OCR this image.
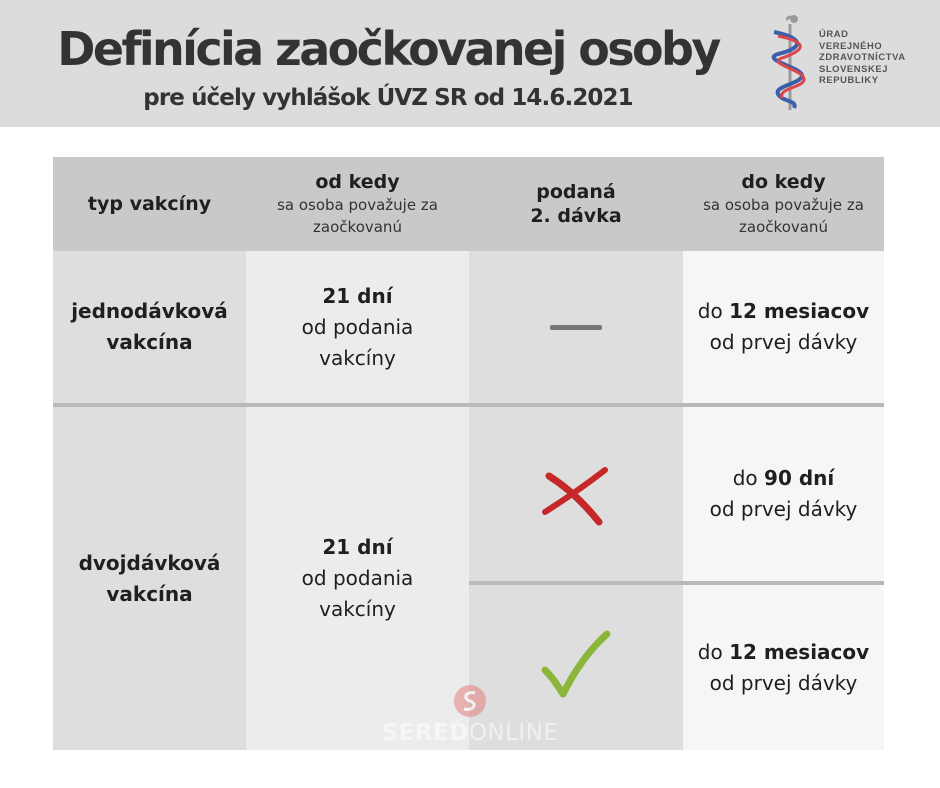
Definícia zaočkovanej osoby
pre účely vyhlášok ÚVZ SR od 14.6.2021
ÚRAD
VEREJNÉHO
ZDRAVOTNÍCTVA
SLOVENSKEJ
REPUBLIKY
typ vakcíny
od kedy
sa osoba považuje za zaočkovanú
podaná
2. dávka
do kedy
sa osoba považuje za zaočkovanú
jednodávková
vakcína
21 dní
od podania
vakcíny
do 12 mesiacov
od prvej dávky
dvojdávková
vakcína
21 dní
od podania
vakcíny
do 90 dní
od prvej dávky
do 12 mesiacov
od prvej dávky
SEREĎONLINE
